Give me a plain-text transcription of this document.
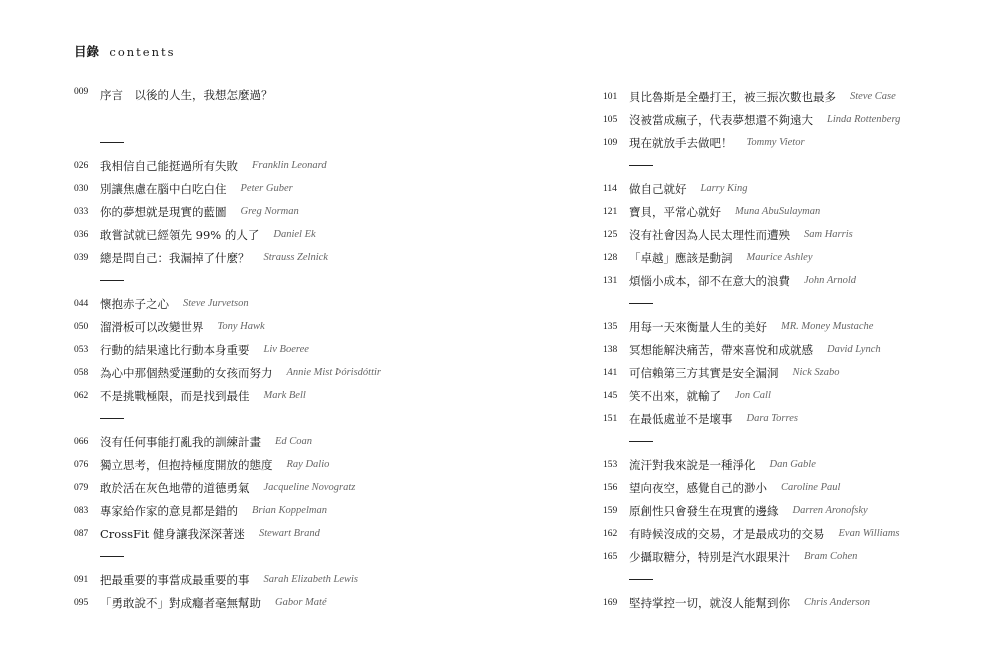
目錄 contents
009	序言　以後的人生，我想怎麼過？
026	我相信自己能挺過所有失敗 Franklin Leonard
030	別讓焦慮在腦中白吃白住 Peter Guber
033	你的夢想就是現實的藍圖 Greg Norman
036	敢嘗試就已經領先 99% 的人了 Daniel Ek
039	總是問自己：我漏掉了什麼？ Strauss Zelnick
044	懷抱赤子之心 Steve Jurvetson
050	溜滑板可以改變世界 Tony Hawk
053	行動的結果遠比行動本身重要 Liv Boeree
058	為心中那個熱愛運動的女孩而努力 Annie Mist Þórisdóttir
062	不是挑戰極限，而是找到最佳 Mark Bell
066	沒有任何事能打亂我的訓練計畫 Ed Coan
076	獨立思考，但抱持極度開放的態度 Ray Dalio
079	敢於活在灰色地帶的道德勇氣 Jacqueline Novogratz
083	專家給作家的意見都是錯的 Brian Koppelman
087	CrossFit 健身讓我深深著迷 Stewart Brand
091	把最重要的事當成最重要的事 Sarah Elizabeth Lewis
095	「勇敢說不」對成癮者毫無幫助 Gabor Maté
101	貝比魯斯是全壘打王，被三振次數也最多 Steve Case
105	沒被當成瘋子，代表夢想還不夠遠大 Linda Rottenberg
109	現在就放手去做吧！ Tommy Vietor
114	做自己就好 Larry King
121	寶貝，平常心就好 Muna AbuSulayman
125	沒有社會因為人民太理性而遭殃 Sam Harris
128	「卓越」應該是動詞 Maurice Ashley
131	煩惱小成本，卻不在意大的浪費 John Arnold
135	用每一天來衡量人生的美好 MR. Money Mustache
138	冥想能解決痛苦，帶來喜悅和成就感 David Lynch
141	可信賴第三方其實是安全漏洞 Nick Szabo
145	笑不出來，就輸了 Jon Call
151	在最低處並不是壞事 Dara Torres
153	流汗對我來說是一種淨化 Dan Gable
156	望向夜空，感覺自己的渺小 Caroline Paul
159	原創性只會發生在現實的邊緣 Darren Aronofsky
162	有時候沒成的交易，才是最成功的交易 Evan Williams
165	少攝取糖分，特別是汽水跟果汁 Bram Cohen
169	堅持掌控一切，就沒人能幫到你 Chris Anderson
